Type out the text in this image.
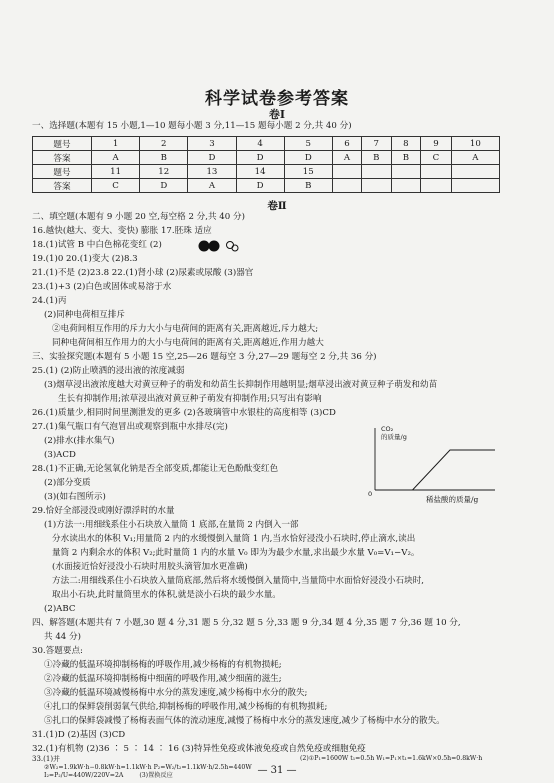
科学试卷参考答案
卷Ⅰ
一、选择题(本题有 15 小题,1—10 题每小题 3 分,11—15 题每小题 2 分,共 40 分)
题号	1	2	3	4	5	6	7	8	9	10
答案	A	B	D	D	D	A	B	B	C	A
题号	11	12	13	14	15					
答案	C	D	A	D	B					
卷Ⅱ
二、填空题(本题有 9 小题 20 空,每空格 2 分,共 40 分)
16.越快(越大、变大、变快) 膨胀 17.胚珠 适应
18.(1)试管 B 中白色棉花变红 (2)
19.(1)0 20.(1)变大 (2)8.3
21.(1)不是 (2)23.8 22.(1)肾小球 (2)尿素或尿酸 (3)器官
23.(1)+3 (2)白色或固体或易溶于水
24.(1)丙
(2)同种电荷相互排斥
②电荷间相互作用的斥力大小与电荷间的距离有关,距离越近,斥力越大;
同种电荷间相互作用力的大小与电荷间的距离有关,距离越近,作用力越大
三、实验探究题(本题有 5 小题 15 空,25—26 题每空 3 分,27—29 题每空 2 分,共 36 分)
25.(1) (2)防止喷洒的浸出液的浓度减弱
(3)烟草浸出液浓度越大对黄豆种子的萌发和幼苗生长抑制作用越明显;烟草浸出液对黄豆种子萌发和幼苗
生长有抑制作用;浓草浸出液对黄豆种子萌发有抑制作用;只写出有影响
26.(1)质量少,相同时间里测泄发的更多 (2)各玻璃管中水银柱的高度相等 (3)CD
27.(1)集气瓶口有气泡冒出或观察到瓶中水排尽(完)
(2)排水(排水集气)
(3)ACD
28.(1)不正确,无论氢氧化钠是否全部变质,都能让无色酚酞变红色
(2)部分变质
(3)(如右图所示)
CO₂
的质量/g
0
稀盐酸的质量/g
29.恰好全部浸没或刚好漂浮时的水量
(1)方法一:用细线系住小石块放入量筒 1 底部,在量筒 2 内倒入一部
分水读出水的体积 V₁;用量筒 2 内的水缓慢倒入量筒 1 内,当水恰好浸没小石块时,停止滴水,读出
量筒 2 内剩余水的体积 V₂;此时量筒 1 内的水量 V₀ 即为为最少水量,求出最少水量 V₀=V₁−V₂。
(水面接近恰好浸没小石块时用胶头滴管加水更准确)
方法二:用细线系住小石块放入量筒底部,然后将水缓慢倒入量筒中,当量筒中水面恰好浸没小石块时,
取出小石块,此时量筒里水的体积,就是淡小石块的最少水量。
(2)ABC
四、解答题(本题共有 7 小题,30 题 4 分,31 题 5 分,32 题 5 分,33 题 9 分,34 题 4 分,35 题 7 分,36 题 10 分,
共 44 分)
30.答题要点:
①冷藏的低温环境抑制杨梅的呼吸作用,减少杨梅的有机物损耗;
②冷藏的低温环境抑制杨梅中细菌的呼吸作用,减少细菌的滋生;
③冷藏的低温环境减慢杨梅中水分的蒸发速度,减少杨梅中水分的散失;
④扎口的保鲜袋削弱氧气供给,抑制杨梅的呼吸作用,减少杨梅的有机物损耗;
⑤扎口的保鲜袋减慢了杨梅表面气体的流动速度,减慢了杨梅中水分的蒸发速度,减少了杨梅中水分的散失。
31.(1)D (2)基因 (3)CD
32.(1)有机物 (2)36 ∶ 5 ∶ 14 ∶ 16 (3)特异性免疫或体液免疫或自然免疫或细胞免疫
33.(1)并
— 31 —
(2)①P₁=1600W t₁=0.5h W₁=P₁×t₁=1.6kW×0.5h=0.8kW·h
②W₂=1.9kW·h−0.8kW·h=1.1kW·h P₂=W₂/t₂=1.1kW·h/2.5h=440W
I₂=P₂/U=440W/220V=2A	(3)置换反应
